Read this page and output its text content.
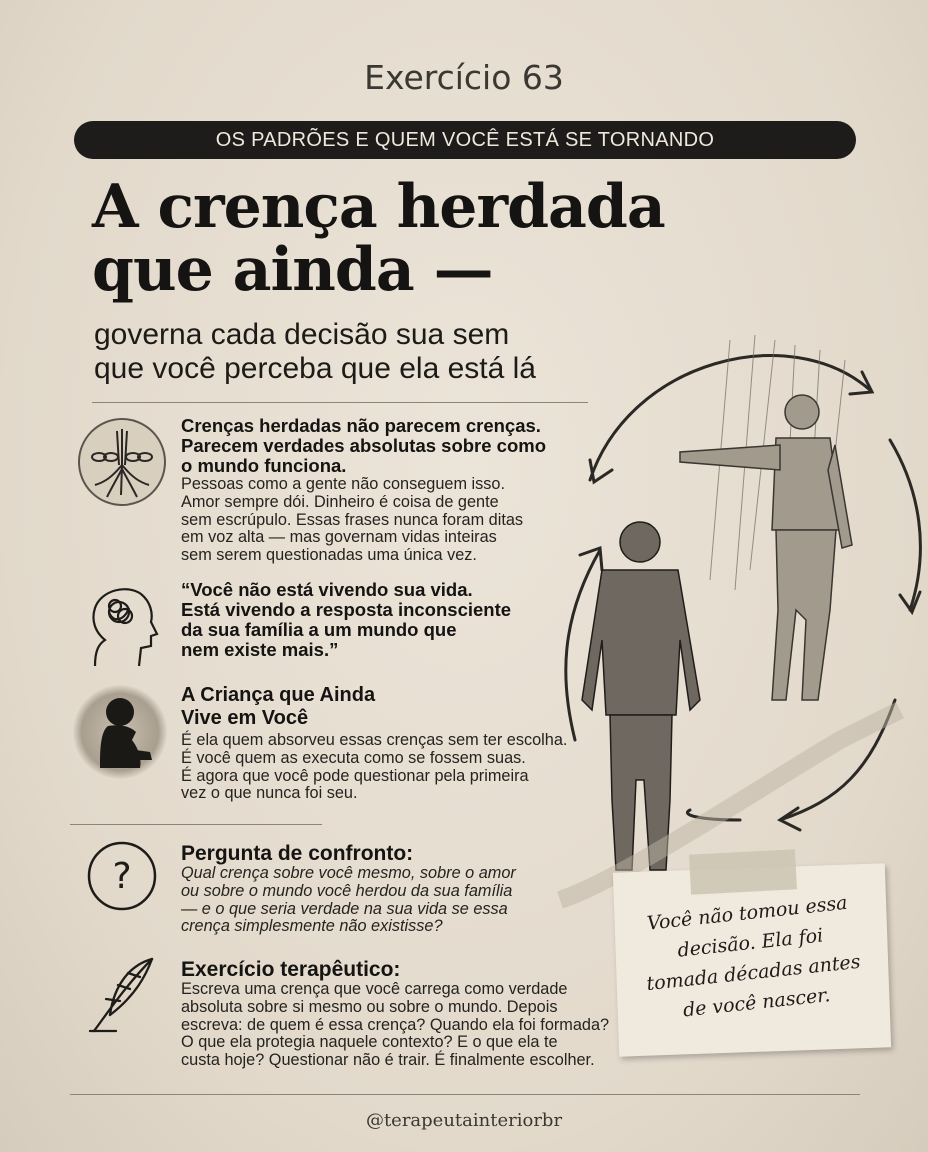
Exercício 63
OS PADRÕES E QUEM VOCÊ ESTÁ SE TORNANDO
A crença herdada
que ainda —
governa cada decisão sua sem
que você perceba que ela está lá
Crenças herdadas não parecem crenças.
Parecem verdades absolutas sobre como
o mundo funciona.
Pessoas como a gente não conseguem isso.
Amor sempre dói. Dinheiro é coisa de gente
sem escrúpulo. Essas frases nunca foram ditas
em voz alta — mas governam vidas inteiras
sem serem questionadas uma única vez.
“Você não está vivendo sua vida.
Está vivendo a resposta inconsciente
da sua família a um mundo que
nem existe mais.”
A Criança que Ainda
Vive em Você
É ela quem absorveu essas crenças sem ter escolha.
É você quem as executa como se fossem suas.
É agora que você pode questionar pela primeira
vez o que nunca foi seu.
?
Pergunta de confronto:
Qual crença sobre você mesmo, sobre o amor
ou sobre o mundo você herdou da sua família
— e o que seria verdade na sua vida se essa
crença simplesmente não existisse?
Exercício terapêutico:
Escreva uma crença que você carrega como verdade
absoluta sobre si mesmo ou sobre o mundo. Depois
escreva: de quem é essa crença? Quando ela foi formada?
O que ela protegia naquele contexto? E o que ela te
custa hoje? Questionar não é trair. É finalmente escolher.
Você não tomou essa
decisão. Ela foi
tomada décadas antes
de você nascer.
@terapeutainteriorbr
